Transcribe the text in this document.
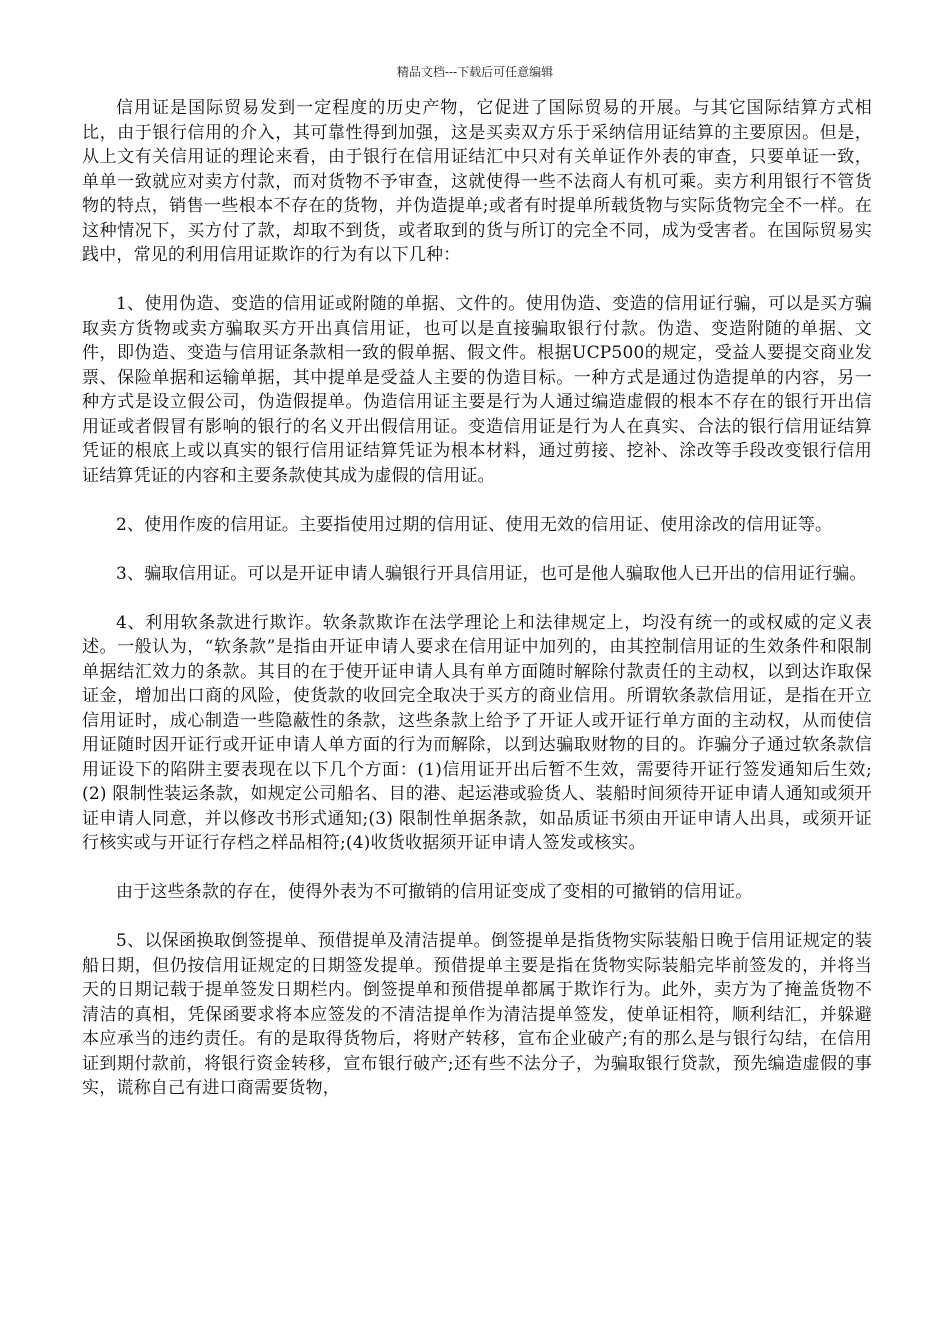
精品文档---下载后可任意编辑

信用证是国际贸易发到一定程度的历史产物，它促进了国际贸易的开展。与其它国际结算方式相比，由于银行信用的介入，其可靠性得到加强，这是买卖双方乐于采纳信用证结算的主要原因。但是，从上文有关信用证的理论来看，由于银行在信用证结汇中只对有关单证作外表的审查，只要单证一致，单单一致就应对卖方付款，而对货物不予审查，这就使得一些不法商人有机可乘。卖方利用银行不管货物的特点，销售一些根本不存在的货物，并伪造提单;或者有时提单所载货物与实际货物完全不一样。在这种情况下，买方付了款，却取不到货，或者取到的货与所订的完全不同，成为受害者。在国际贸易实践中，常见的利用信用证欺诈的行为有以下几种：

1、使用伪造、变造的信用证或附随的单据、文件的。使用伪造、变造的信用证行骗，可以是买方骗取卖方货物或卖方骗取买方开出真信用证，也可以是直接骗取银行付款。伪造、变造附随的单据、文件，即伪造、变造与信用证条款相一致的假单据、假文件。根据UCP500的规定，受益人要提交商业发票、保险单据和运输单据，其中提单是受益人主要的伪造目标。一种方式是通过伪造提单的内容，另一种方式是设立假公司，伪造假提单。伪造信用证主要是行为人通过编造虚假的根本不存在的银行开出信用证或者假冒有影响的银行的名义开出假信用证。变造信用证是行为人在真实、合法的银行信用证结算凭证的根底上或以真实的银行信用证结算凭证为根本材料，通过剪接、挖补、涂改等手段改变银行信用证结算凭证的内容和主要条款使其成为虚假的信用证。

2、使用作废的信用证。主要指使用过期的信用证、使用无效的信用证、使用涂改的信用证等。

3、骗取信用证。可以是开证申请人骗银行开具信用证，也可是他人骗取他人已开出的信用证行骗。

4、利用软条款进行欺诈。软条款欺诈在法学理论上和法律规定上，均没有统一的或权威的定义表述。一般认为，“软条款”是指由开证申请人要求在信用证中加列的，由其控制信用证的生效条件和限制单据结汇效力的条款。其目的在于使开证申请人具有单方面随时解除付款责任的主动权，以到达诈取保证金，增加出口商的风险，使货款的收回完全取决于买方的商业信用。所谓软条款信用证，是指在开立信用证时，成心制造一些隐蔽性的条款，这些条款上给予了开证人或开证行单方面的主动权，从而使信用证随时因开证行或开证申请人单方面的行为而解除，以到达骗取财物的目的。诈骗分子通过软条款信用证设下的陷阱主要表现在以下几个方面：(1)信用证开出后暂不生效，需要待开证行签发通知后生效;(2) 限制性装运条款，如规定公司船名、目的港、起运港或验货人、装船时间须待开证申请人通知或须开证申请人同意，并以修改书形式通知;(3) 限制性单据条款，如品质证书须由开证申请人出具，或须开证行核实或与开证行存档之样品相符;(4)收货收据须开证申请人签发或核实。

由于这些条款的存在，使得外表为不可撤销的信用证变成了变相的可撤销的信用证。

5、以保函换取倒签提单、预借提单及清洁提单。倒签提单是指货物实际装船日晚于信用证规定的装船日期，但仍按信用证规定的日期签发提单。预借提单主要是指在货物实际装船完毕前签发的，并将当天的日期记载于提单签发日期栏内。倒签提单和预借提单都属于欺诈行为。此外，卖方为了掩盖货物不清洁的真相，凭保函要求将本应签发的不清洁提单作为清洁提单签发，使单证相符，顺利结汇，并躲避本应承当的违约责任。有的是取得货物后，将财产转移，宣布企业破产;有的那么是与银行勾结，在信用证到期付款前，将银行资金转移，宣布银行破产;还有些不法分子，为骗取银行贷款，预先编造虚假的事实，谎称自己有进口商需要货物，
